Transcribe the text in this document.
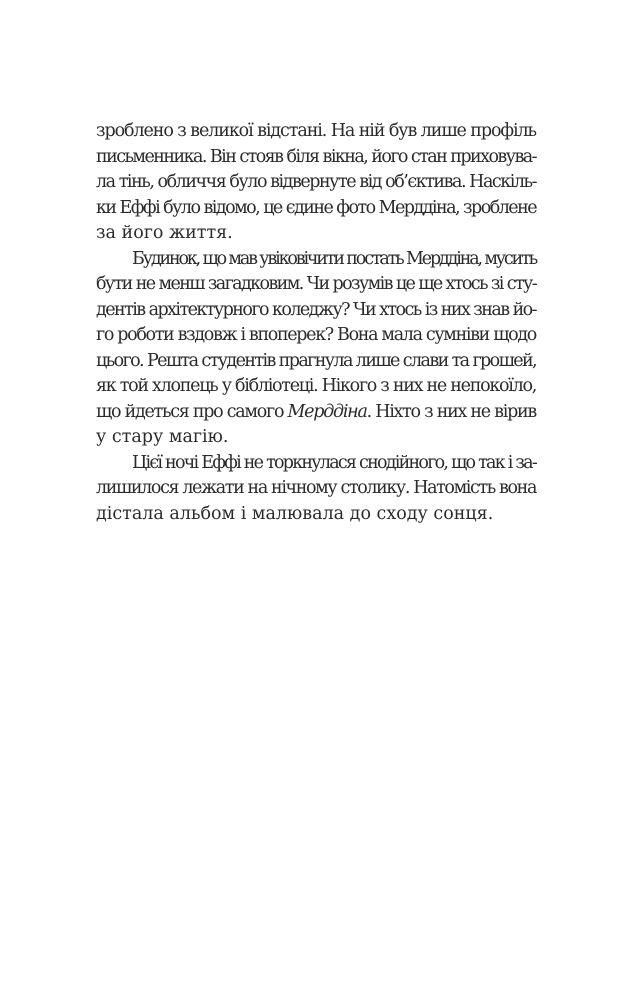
зроблено з великої відстані. На ній був лише профіль
письменника. Він стояв біля вікна, його стан приховува-
ла тінь, обличчя було відвернуте від об’єктива. Наскіль-
ки Еффі було відомо, це єдине фото Мерддіна, зроблене
за його життя.
Будинок, що мав увіковічити постать Мерддіна, мусить
бути не менш загадковим. Чи розумів це ще хтось зі сту-
дентів архітектурного коледжу? Чи хтось із них знав йо-
го роботи вздовж і впоперек? Вона мала сумніви щодо
цього. Решта студентів прагнула лише слави та грошей,
як той хлопець у бібліотеці. Нікого з них не непокоїло,
що йдеться про самого Мерддіна. Ніхто з них не вірив
у стару магію.
Цієї ночі Еффі не торкнулася снодійного, що так і за-
лишилося лежати на нічному столику. Натомість вона
дістала альбом і малювала до сходу сонця.
